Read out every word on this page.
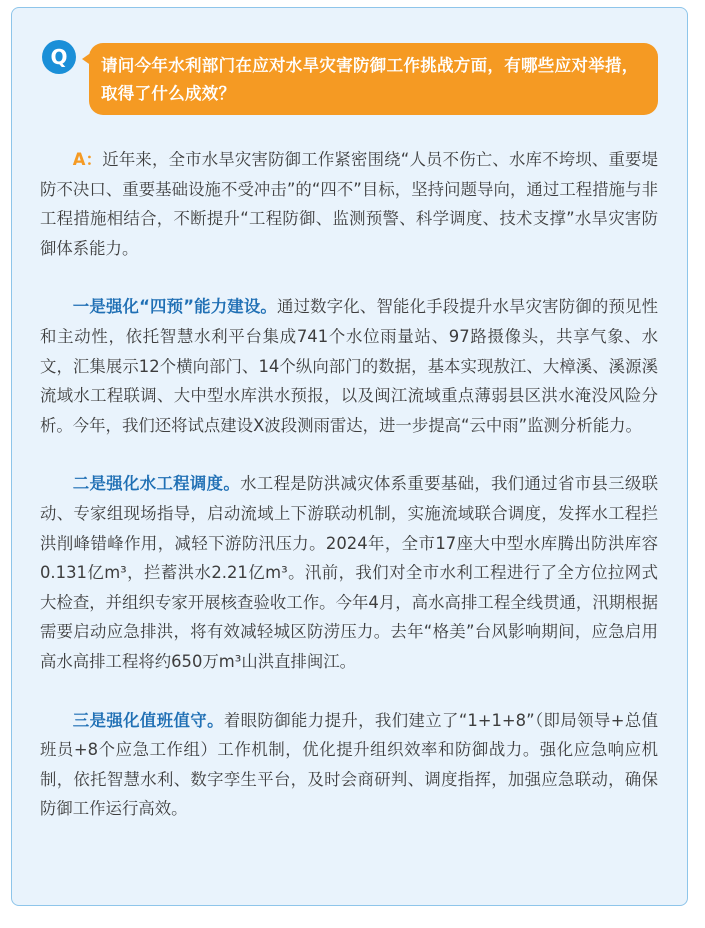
Q	请问今年水利部门在应对水旱灾害防御工作挑战方面，有哪些应对举措，取得了什么成效？

A：近年来，全市水旱灾害防御工作紧密围绕“人员不伤亡、水库不垮坝、重要堤防不决口、重要基础设施不受冲击”的“四不”目标，坚持问题导向，通过工程措施与非工程措施相结合，不断提升“工程防御、监测预警、科学调度、技术支撑”水旱灾害防御体系能力。

一是强化“四预”能力建设。通过数字化、智能化手段提升水旱灾害防御的预见性和主动性，依托智慧水利平台集成741个水位雨量站、97路摄像头，共享气象、水文，汇集展示12个横向部门、14个纵向部门的数据，基本实现敖江、大樟溪、溪源溪流域水工程联调、大中型水库洪水预报，以及闽江流域重点薄弱县区洪水淹没风险分析。今年，我们还将试点建设X波段测雨雷达，进一步提高“云中雨”监测分析能力。

二是强化水工程调度。水工程是防洪减灾体系重要基础，我们通过省市县三级联动、专家组现场指导，启动流域上下游联动机制，实施流域联合调度，发挥水工程拦洪削峰错峰作用，减轻下游防汛压力。2024年，全市17座大中型水库腾出防洪库容0.131亿m³，拦蓄洪水2.21亿m³。汛前，我们对全市水利工程进行了全方位拉网式大检查，并组织专家开展核查验收工作。今年4月，高水高排工程全线贯通，汛期根据需要启动应急排洪，将有效减轻城区防涝压力。去年“格美”台风影响期间，应急启用高水高排工程将约650万m³山洪直排闽江。

三是强化值班值守。着眼防御能力提升，我们建立了“1+1+8”（即局领导+总值班员+8个应急工作组）工作机制，优化提升组织效率和防御战力。强化应急响应机制，依托智慧水利、数字孪生平台，及时会商研判、调度指挥，加强应急联动，确保防御工作运行高效。
